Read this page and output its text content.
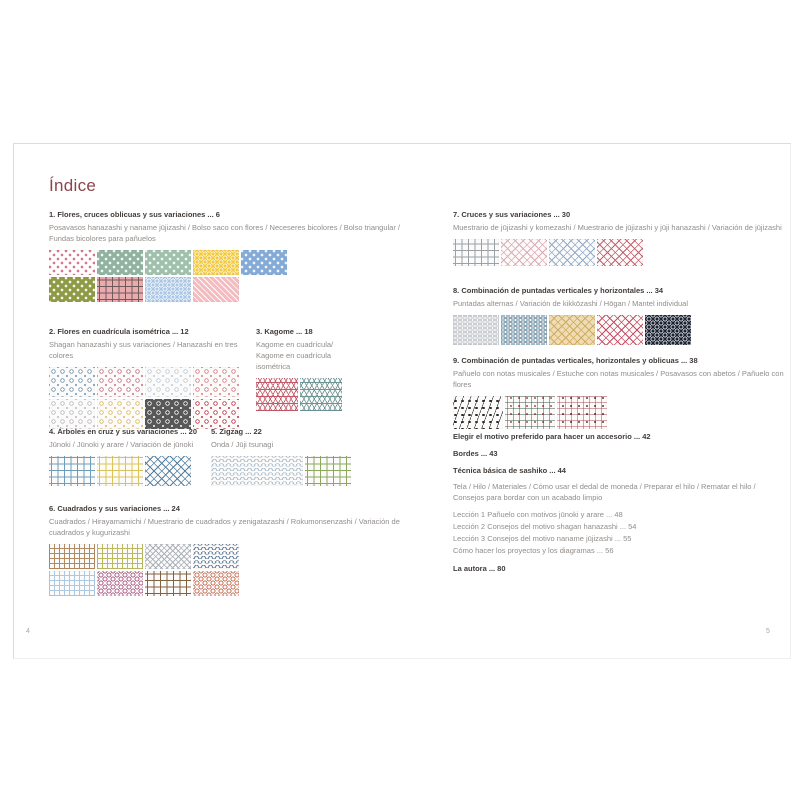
Índice
1. Flores, cruces oblicuas y sus variaciones ... 6
Posavasos hanazashi y naname jūjizashi / Bolso saco con flores / Neceseres bicolores / Bolso triangular / Fundas bicolores para pañuelos
2. Flores en cuadrícula isométrica ... 12
Shagan hanazashi y sus variaciones / Hanazashi en tres colores
3. Kagome ... 18
Kagome en cuadrícula/ Kagome en cuadrícula isométrica
4. Árboles en cruz y sus variaciones ... 20
Jūnoki / Jūnoki y arare / Variación de jūnoki
5. Zigzag ... 22
Onda / Jūji tsunagi
6. Cuadrados y sus variaciones ... 24
Cuadrados / Hirayamamichi / Muestrario de cuadrados y zenigatazashi / Rokumonsenzashi / Variación de cuadrados y kugurizashi
7. Cruces y sus variaciones ... 30
Muestrario de jūjizashi y komezashi / Muestrario de jūjizashi y jūji hanazashi / Variación de jūjizashi
8. Combinación de puntadas verticales y horizontales ... 34
Puntadas alternas / Variación de kikkōzashi / Hōgan / Mantel individual
9. Combinación de puntadas verticales, horizontales y oblicuas ... 38
Pañuelo con notas musicales / Estuche con notas musicales / Posavasos con abetos / Pañuelo con flores
Elegir el motivo preferido para hacer un accesorio ... 42
Bordes ... 43
Técnica básica de sashiko ... 44
Tela / Hilo / Materiales / Cómo usar el dedal de moneda / Preparar el hilo / Rematar el hilo / Consejos para bordar con un acabado limpio
Lección 1 Pañuelo con motivos jūnoki y arare ... 48
Lección 2 Consejos del motivo shagan hanazashi ... 54
Lección 3 Consejos del motivo naname jūjizashi ... 55
Cómo hacer los proyectos y los diagramas ... 56
La autora ... 80
4	5
